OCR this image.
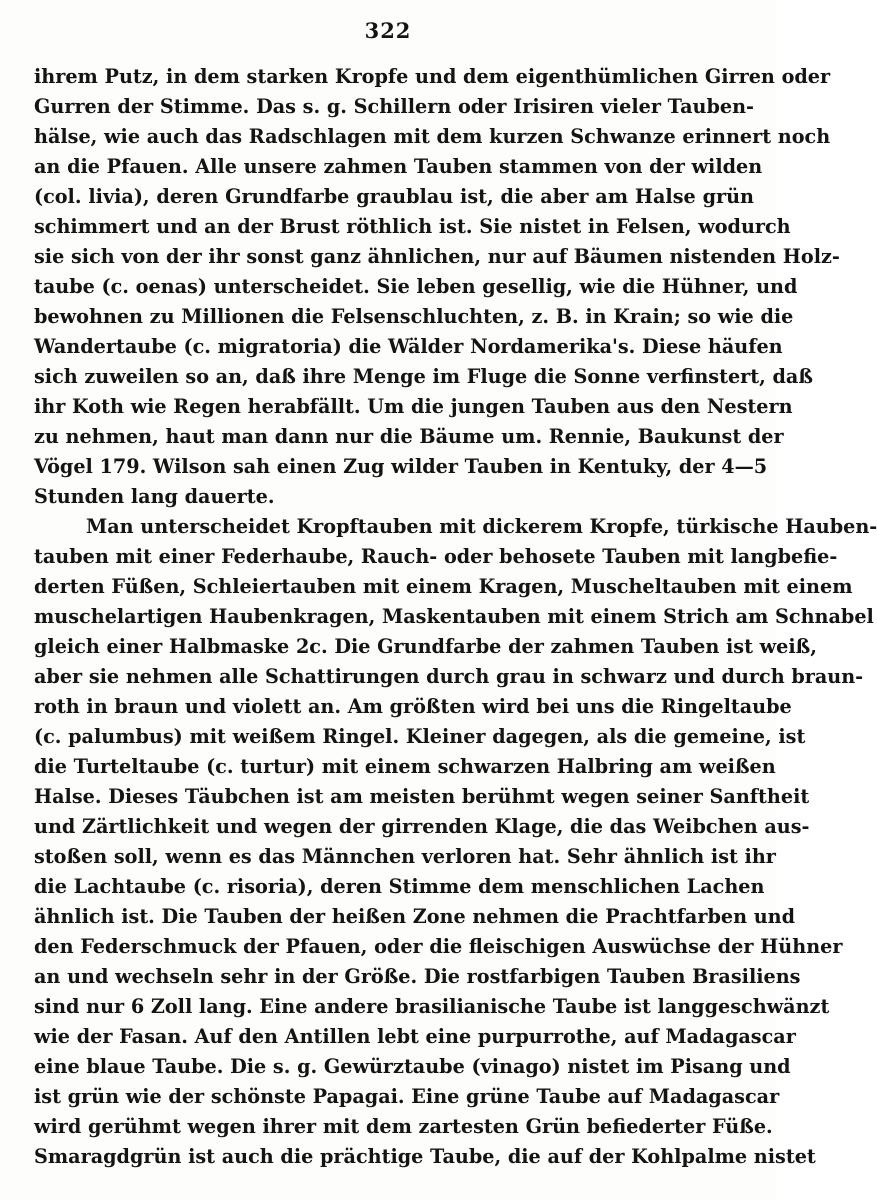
322
ihrem Putz, in dem starken Kropfe und dem eigenthümlichen Girren oder
Gurren der Stimme. Das s. g. Schillern oder Irisiren vieler Tauben-
hälse, wie auch das Radschlagen mit dem kurzen Schwanze erinnert noch
an die Pfauen. Alle unsere zahmen Tauben stammen von der wilden
(col. livia), deren Grundfarbe graublau ist, die aber am Halse grün
schimmert und an der Brust röthlich ist. Sie nistet in Felsen, wodurch
sie sich von der ihr sonst ganz ähnlichen, nur auf Bäumen nistenden Holz-
taube (c. oenas) unterscheidet. Sie leben gesellig, wie die Hühner, und
bewohnen zu Millionen die Felsenschluchten, z. B. in Krain; so wie die
Wandertaube (c. migratoria) die Wälder Nordamerika's. Diese häufen
sich zuweilen so an, daß ihre Menge im Fluge die Sonne verfinstert, daß
ihr Koth wie Regen herabfällt. Um die jungen Tauben aus den Nestern
zu nehmen, haut man dann nur die Bäume um. Rennie, Baukunst der
Vögel 179. Wilson sah einen Zug wilder Tauben in Kentuky, der 4—5
Stunden lang dauerte.
Man unterscheidet Kropftauben mit dickerem Kropfe, türkische Hauben-
tauben mit einer Federhaube, Rauch- oder behosete Tauben mit langbefie-
derten Füßen, Schleiertauben mit einem Kragen, Muscheltauben mit einem
muschelartigen Haubenkragen, Maskentauben mit einem Strich am Schnabel
gleich einer Halbmaske 2c. Die Grundfarbe der zahmen Tauben ist weiß,
aber sie nehmen alle Schattirungen durch grau in schwarz und durch braun-
roth in braun und violett an. Am größten wird bei uns die Ringeltaube
(c. palumbus) mit weißem Ringel. Kleiner dagegen, als die gemeine, ist
die Turteltaube (c. turtur) mit einem schwarzen Halbring am weißen
Halse. Dieses Täubchen ist am meisten berühmt wegen seiner Sanftheit
und Zärtlichkeit und wegen der girrenden Klage, die das Weibchen aus-
stoßen soll, wenn es das Männchen verloren hat. Sehr ähnlich ist ihr
die Lachtaube (c. risoria), deren Stimme dem menschlichen Lachen
ähnlich ist. Die Tauben der heißen Zone nehmen die Prachtfarben und
den Federschmuck der Pfauen, oder die fleischigen Auswüchse der Hühner
an und wechseln sehr in der Größe. Die rostfarbigen Tauben Brasiliens
sind nur 6 Zoll lang. Eine andere brasilianische Taube ist langgeschwänzt
wie der Fasan. Auf den Antillen lebt eine purpurrothe, auf Madagascar
eine blaue Taube. Die s. g. Gewürztaube (vinago) nistet im Pisang und
ist grün wie der schönste Papagai. Eine grüne Taube auf Madagascar
wird gerühmt wegen ihrer mit dem zartesten Grün befiederter Füße.
Smaragdgrün ist auch die prächtige Taube, die auf der Kohlpalme nistet
